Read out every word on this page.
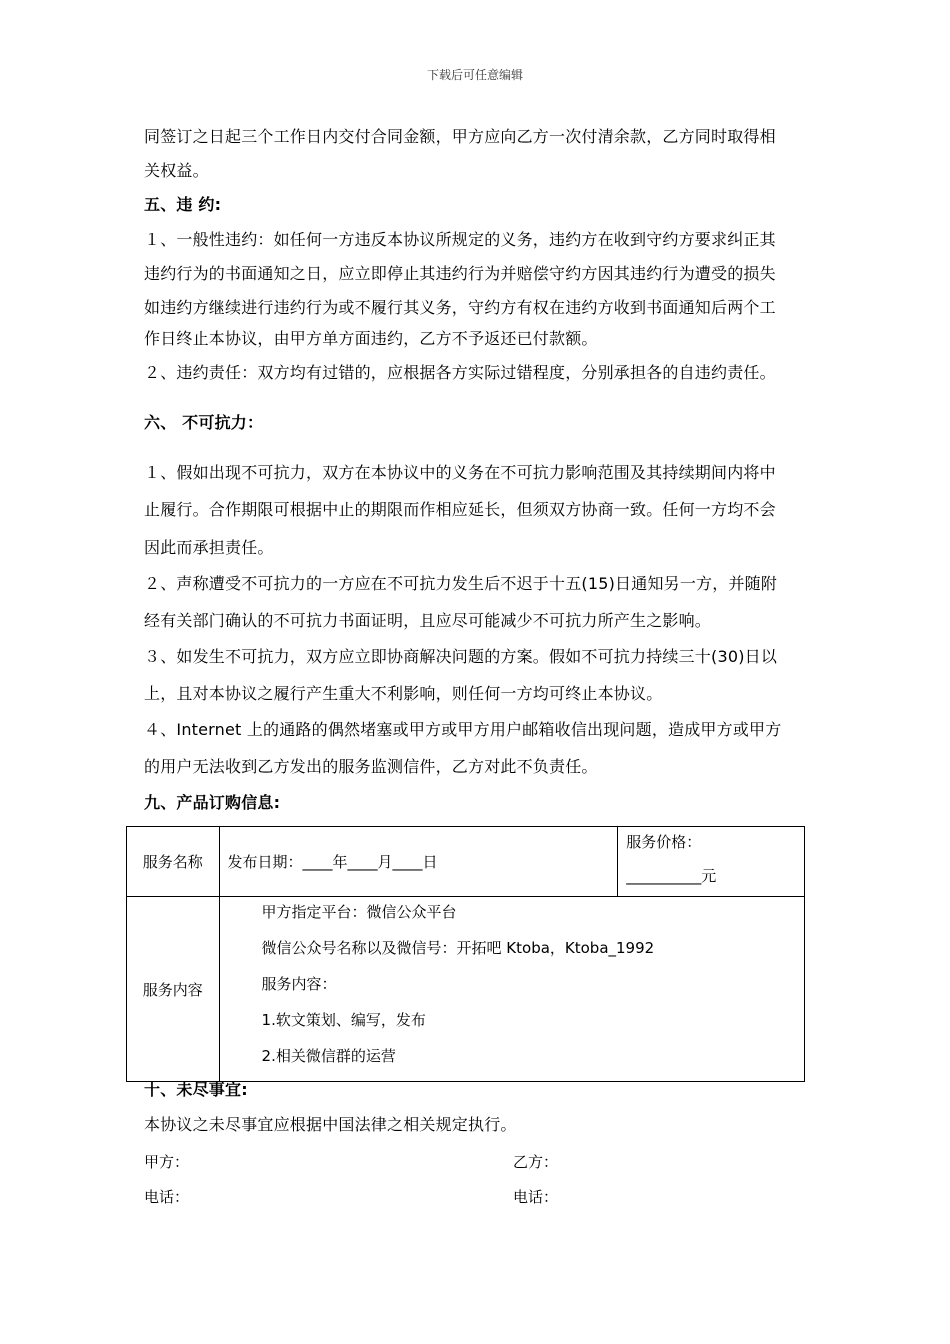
下载后可任意编辑
同签订之日起三个工作日内交付合同金额，甲方应向乙方一次付清余款，乙方同时取得相
关权益。
五、违 约:
１、一般性违约：如任何一方违反本协议所规定的义务，违约方在收到守约方要求纠正其
违约行为的书面通知之日，应立即停止其违约行为并赔偿守约方因其违约行为遭受的损失
如违约方继续进行违约行为或不履行其义务，守约方有权在违约方收到书面通知后两个工
作日终止本协议，由甲方单方面违约，乙方不予返还已付款额。
２、违约责任：双方均有过错的，应根据各方实际过错程度，分别承担各的自违约责任。
六、 不可抗力：
１、假如出现不可抗力，双方在本协议中的义务在不可抗力影响范围及其持续期间内将中
止履行。合作期限可根据中止的期限而作相应延长，但须双方协商一致。任何一方均不会
因此而承担责任。
２、声称遭受不可抗力的一方应在不可抗力发生后不迟于十五(15)日通知另一方，并随附
经有关部门确认的不可抗力书面证明，且应尽可能减少不可抗力所产生之影响。
３、如发生不可抗力，双方应立即协商解决问题的方案。假如不可抗力持续三十(30)日以
上，且对本协议之履行产生重大不利影响，则任何一方均可终止本协议。
４、Internet 上的通路的偶然堵塞或甲方或甲方用户邮箱收信出现问题，造成甲方或甲方
的用户无法收到乙方发出的服务监测信件，乙方对此不负责任。
九、产品订购信息:
服务名称	发布日期：____年____月____日	服务价格：
__________元

服务内容	甲方指定平台：微信公众平台
微信公众号名称以及微信号：开拓吧 Ktoba，Ktoba_1992
服务内容：
1.软文策划、编写，发布
2.相关微信群的运营	
十、未尽事宜:
本协议之未尽事宜应根据中国法律之相关规定执行。
甲方：	乙方：
电话：	电话：
